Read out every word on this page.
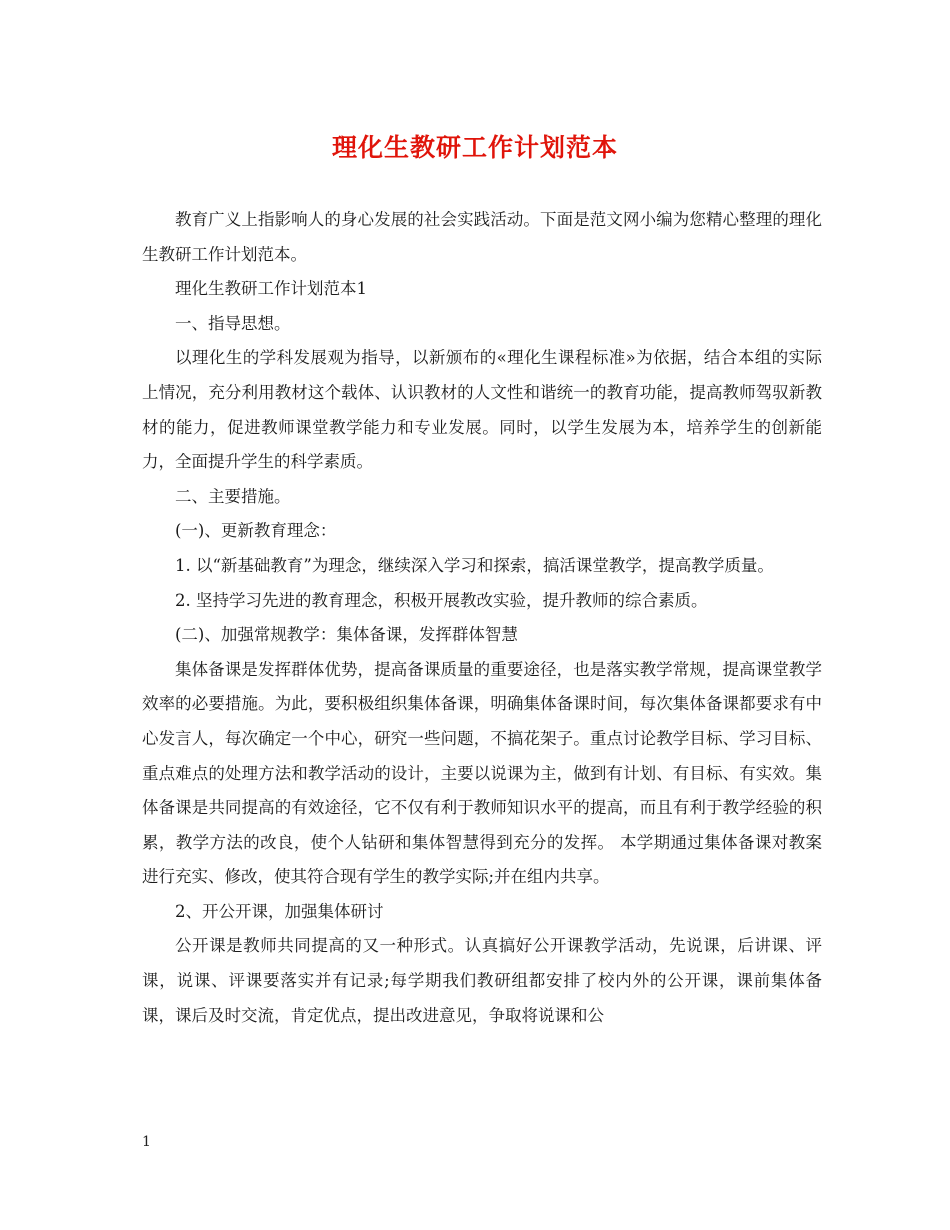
理化生教研工作计划范本

教育广义上指影响人的身心发展的社会实践活动。下面是范文网小编为您精心整理的理化生教研工作计划范本。

理化生教研工作计划范本1

一、指导思想。

以理化生的学科发展观为指导，以新颁布的«理化生课程标准»为依据，结合本组的实际上情况，充分利用教材这个载体、认识教材的人文性和谐统一的教育功能，提高教师驾驭新教材的能力，促进教师课堂教学能力和专业发展。同时，以学生发展为本，培养学生的创新能力，全面提升学生的科学素质。

二、主要措施。

(一)、更新教育理念：

1. 以“新基础教育”为理念，继续深入学习和探索，搞活课堂教学，提高教学质量。

2. 坚持学习先进的教育理念，积极开展教改实验，提升教师的综合素质。

(二)、加强常规教学：集体备课，发挥群体智慧

集体备课是发挥群体优势，提高备课质量的重要途径，也是落实教学常规，提高课堂教学效率的必要措施。为此，要积极组织集体备课，明确集体备课时间，每次集体备课都要求有中心发言人，每次确定一个中心，研究一些问题，不搞花架子。重点讨论教学目标、学习目标、重点难点的处理方法和教学活动的设计，主要以说课为主，做到有计划、有目标、有实效。集体备课是共同提高的有效途径，它不仅有利于教师知识水平的提高，而且有利于教学经验的积累，教学方法的改良，使个人钻研和集体智慧得到充分的发挥。 本学期通过集体备课对教案进行充实、修改，使其符合现有学生的教学实际;并在组内共享。

2、开公开课，加强集体研讨

公开课是教师共同提高的又一种形式。认真搞好公开课教学活动，先说课，后讲课、评课，说课、评课要落实并有记录;每学期我们教研组都安排了校内外的公开课，课前集体备课，课后及时交流，肯定优点，提出改进意见，争取将说课和公

1
